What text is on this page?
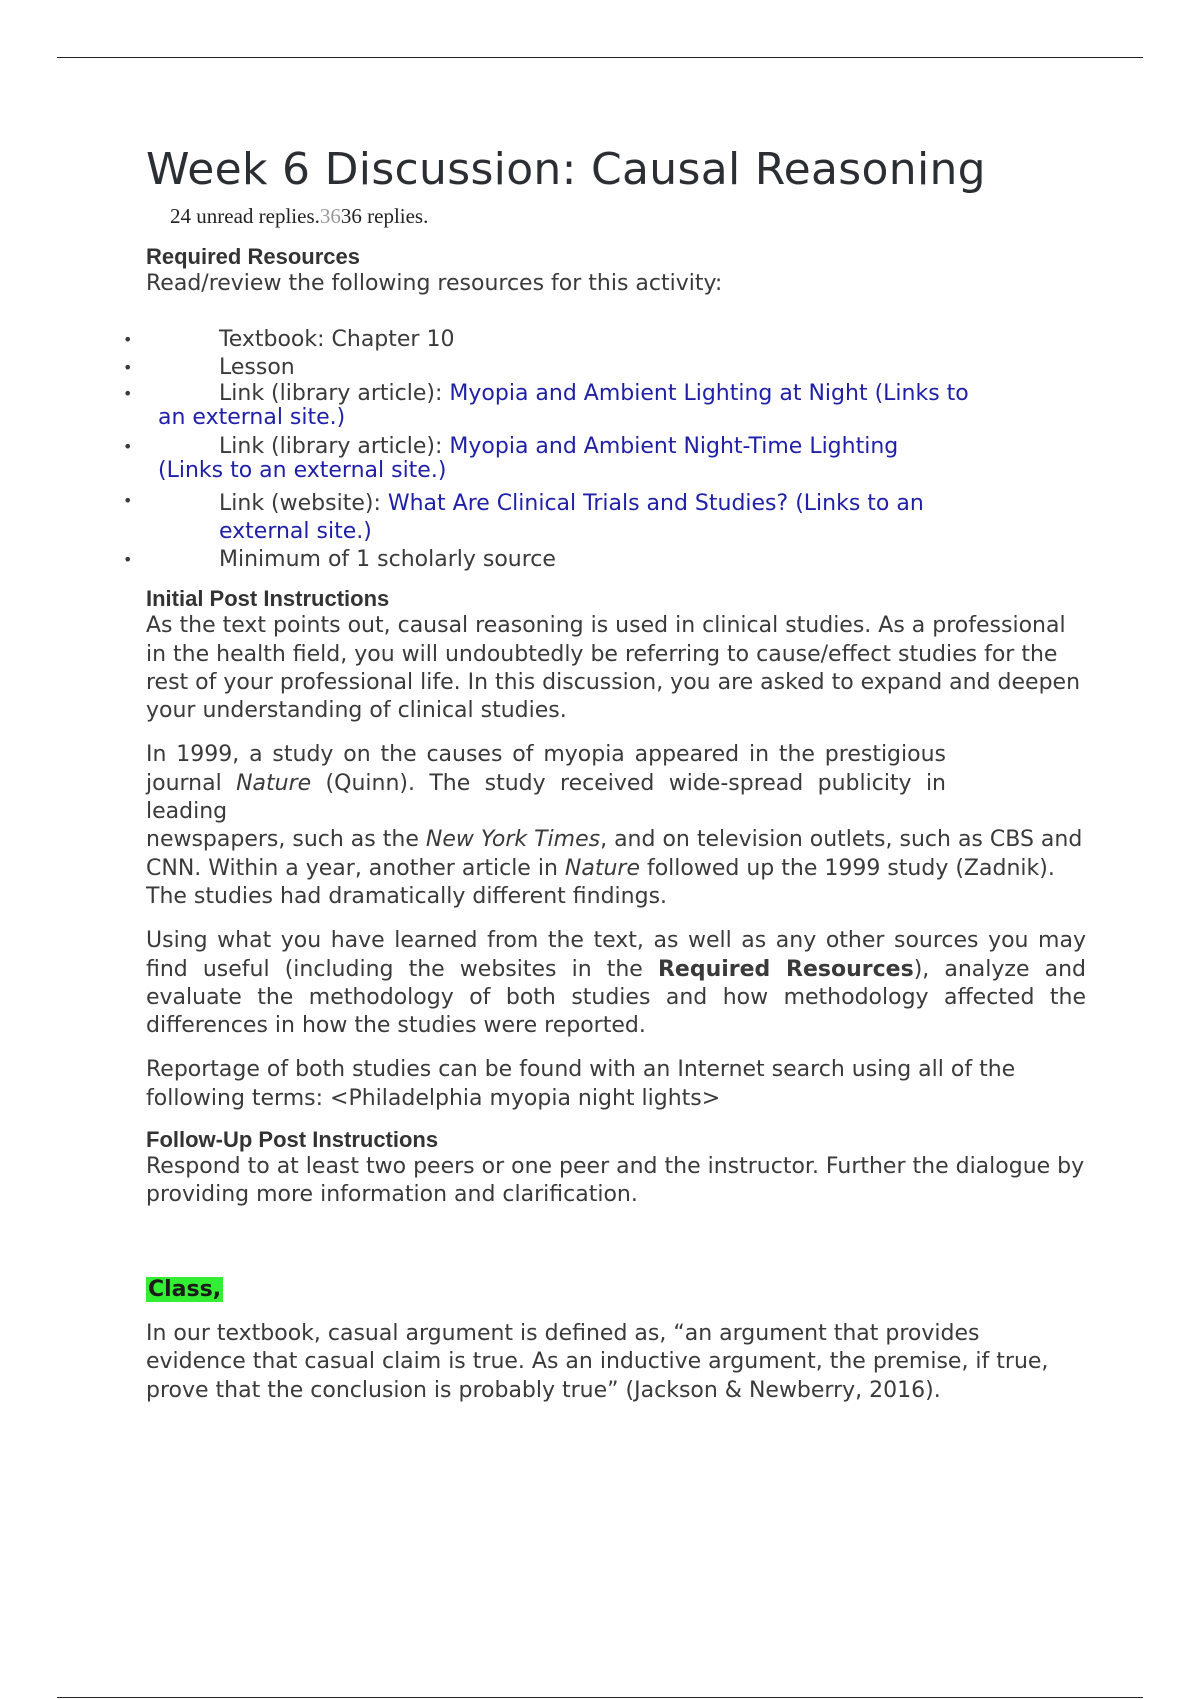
Week 6 Discussion: Causal Reasoning
24 unread replies.3636 replies.
Required Resources

Read/review the following resources for this activity:

•	Textbook: Chapter 10
•	Lesson
•	Link (library article): Myopia and Ambient Lighting at Night (Links to
an external site.)
•	Link (library article): Myopia and Ambient Night-Time Lighting
(Links to an external site.)
•	Link (website): What Are Clinical Trials and Studies? (Links to an
external site.)
•	Minimum of 1 scholarly source
Initial Post Instructions

As the text points out, causal reasoning is used in clinical studies. As a professional in the health field, you will undoubtedly be referring to cause/effect studies for the rest of your professional life. In this discussion, you are asked to expand and deepen your understanding of clinical studies.

In 1999, a study on the causes of myopia appeared in the prestigious journal Nature (Quinn). The study received wide-spread publicity in leading

newspapers, such as the New York Times, and on television outlets, such as CBS and CNN. Within a year, another article in Nature followed up the 1999 study (Zadnik). The studies had dramatically different findings.

Using what you have learned from the text, as well as any other sources you may find useful (including the websites in the Required Resources), analyze and evaluate the methodology of both studies and how methodology affected the differences in how the studies were reported.

Reportage of both studies can be found with an Internet search using all of the following terms: <Philadelphia myopia night lights>

Follow-Up Post Instructions

Respond to at least two peers or one peer and the instructor. Further the dialogue by providing more information and clarification.

Class,

In our textbook, casual argument is defined as, “an argument that provides evidence that casual claim is true. As an inductive argument, the premise, if true, prove that the conclusion is probably true” (Jackson & Newberry, 2016).
